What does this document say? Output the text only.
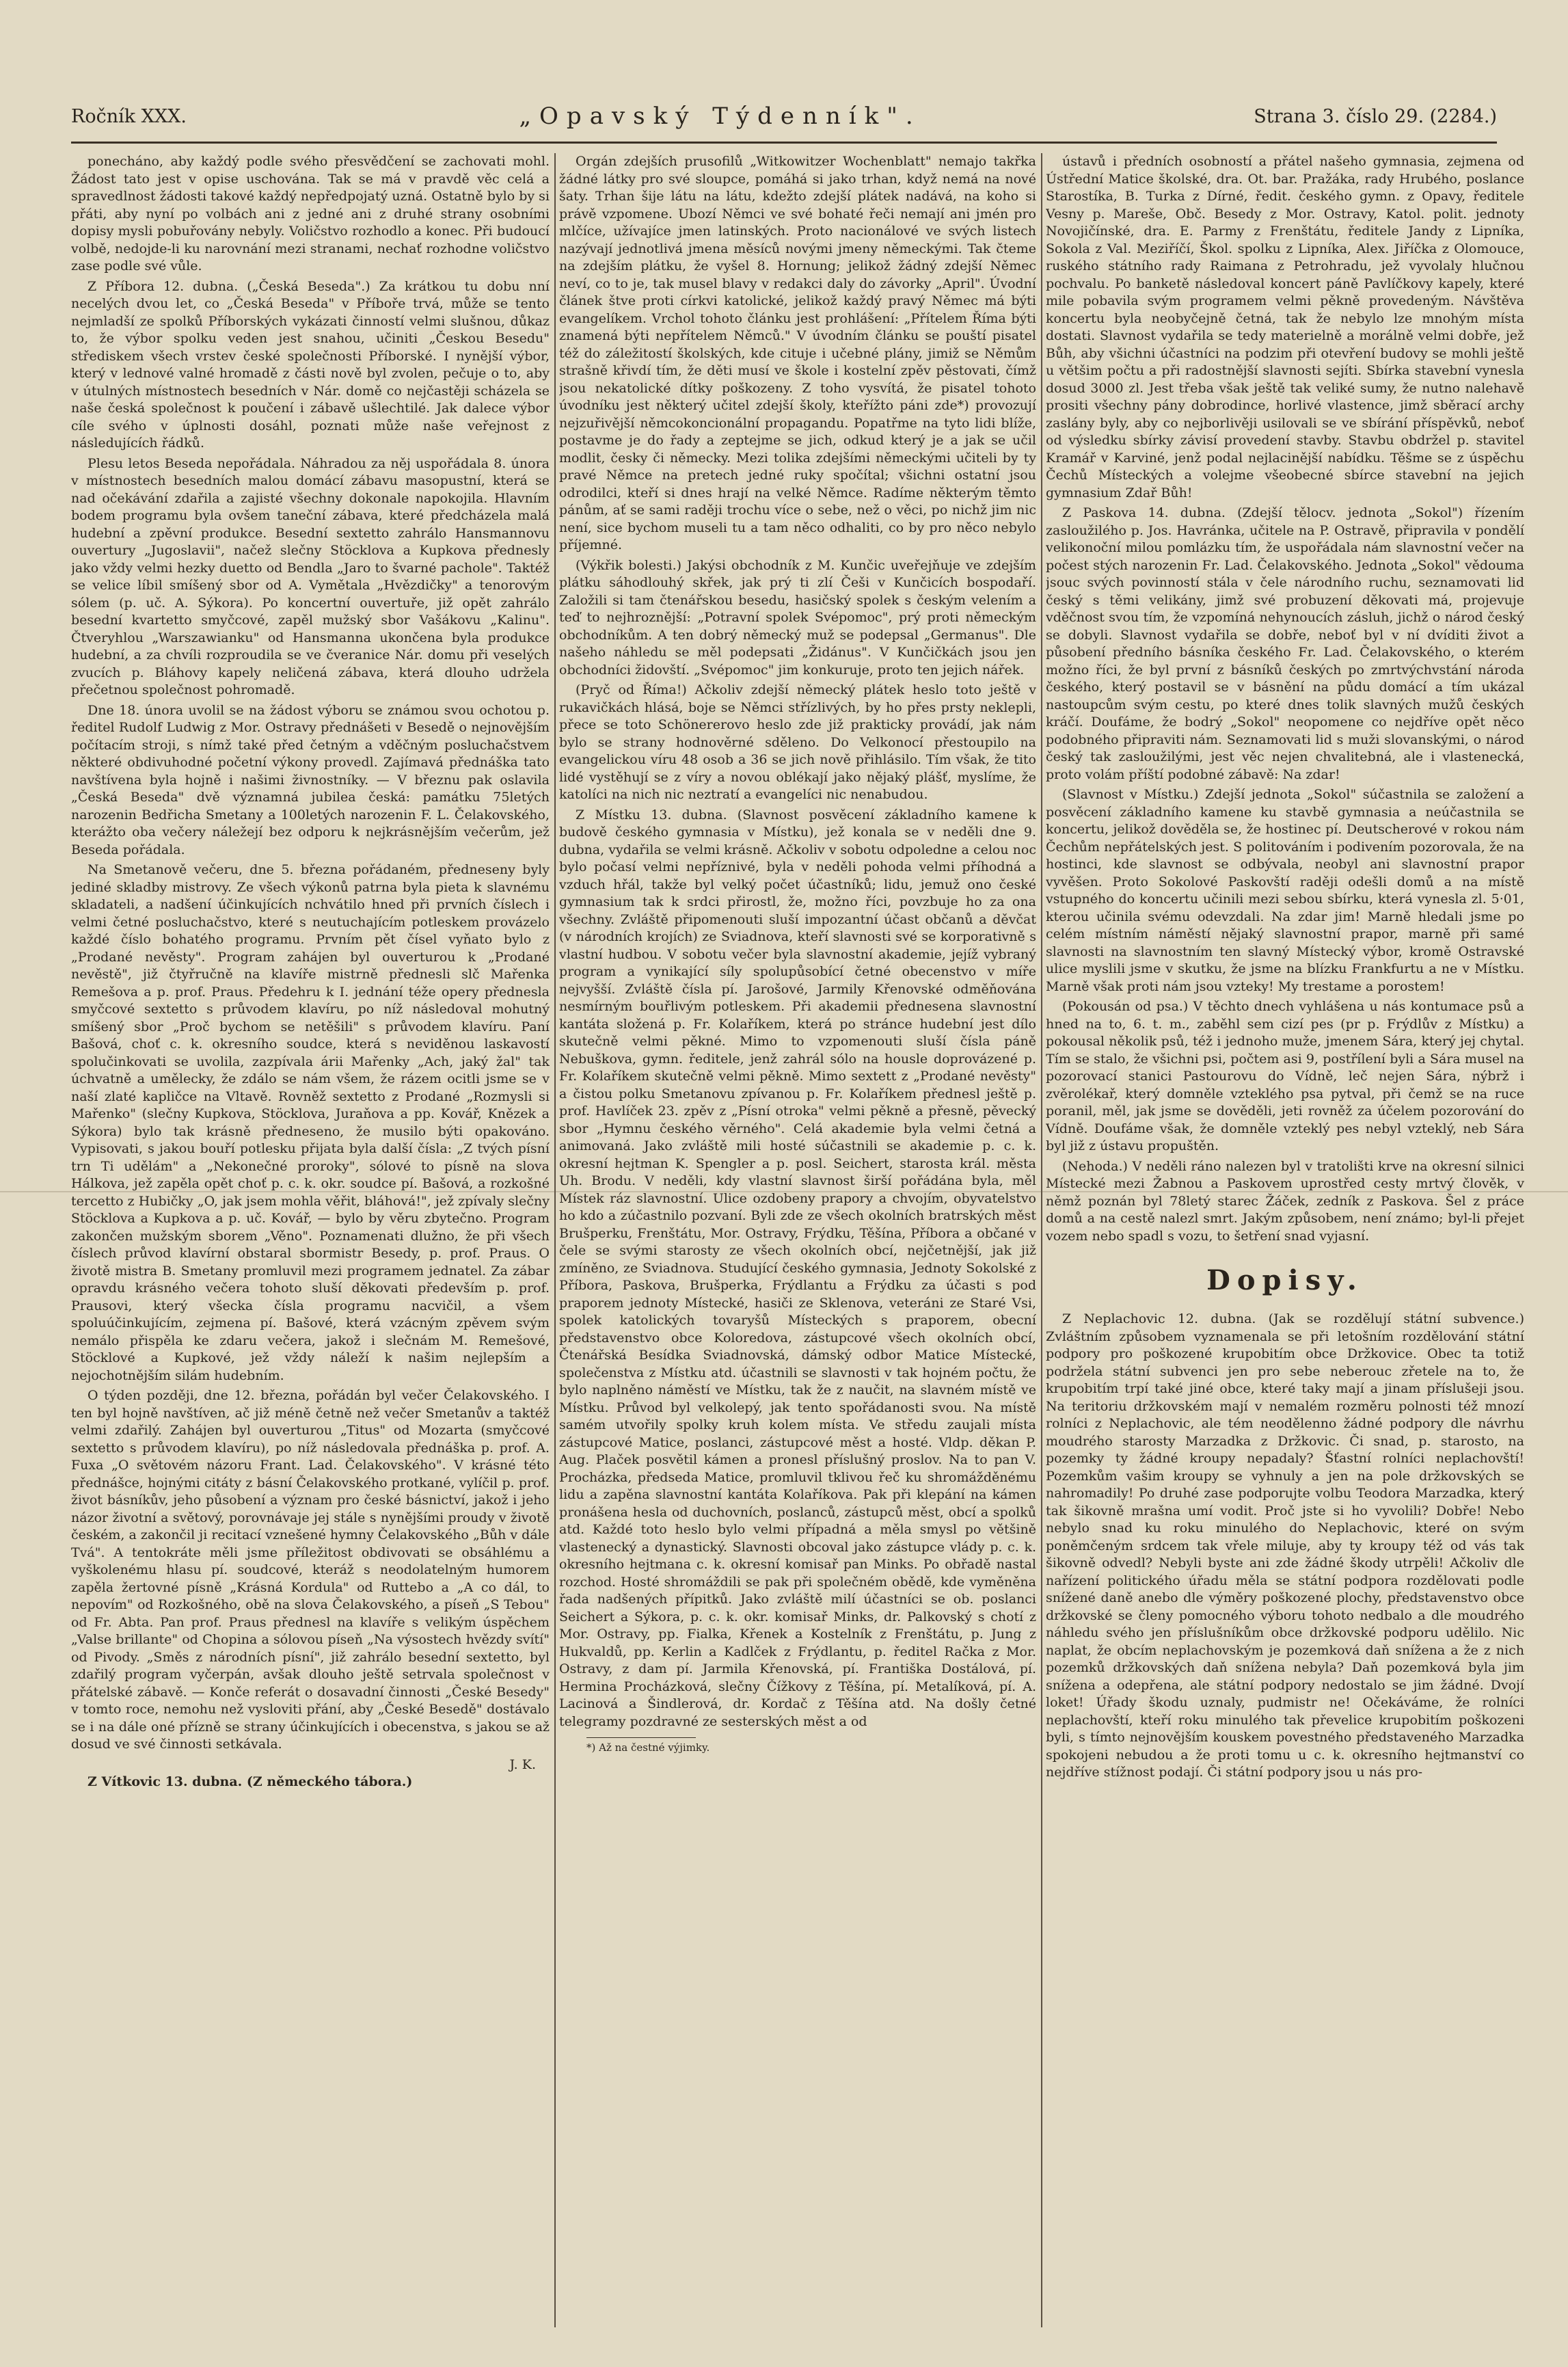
Ročník XXX.	„Opavský Týdenník".	Strana 3. číslo 29. (2284.)

ponecháno, aby každý podle svého přesvědčení se zachovati mohl. Žádost tato jest v opise uschována. Tak se má v pravdě věc celá a spravedlnost žádosti takové každý nepředpojatý uzná. Ostatně bylo by si přáti, aby nyní po volbách ani z jedné ani z druhé strany osobními dopisy mysli pobuřovány nebyly. Voličstvo rozhodlo a konec. Při budoucí volbě, nedojde-li ku narovnání mezi stranami, nechať rozhodne voličstvo zase podle své vůle.

Z Příbora 12. dubna. („Česká Beseda".) Za krátkou tu dobu nní necelých dvou let, co „Česká Beseda" v Příboře trvá, může se tento nejmladší ze spolků Příborských vykázati činností velmi slušnou, důkaz to, že výbor spolku veden jest snahou, učiniti „Českou Besedu" střediskem všech vrstev české společnosti Příborské. I nynější výbor, který v lednové valné hromadě z části nově byl zvolen, pečuje o to, aby v útulných místnostech besedních v Nár. domě co nejčastěji scházela se naše česká společnost k poučení i zábavě ušlechtilé. Jak dalece výbor cíle svého v úplnosti dosáhl, poznati může naše veřejnost z následujících řádků.

Plesu letos Beseda nepořádala. Náhradou za něj uspořádala 8. února v místnostech besedních malou domácí zábavu masopustní, která se nad očekávání zdařila a zajisté všechny dokonale napokojila. Hlavním bodem programu byla ovšem taneční zábava, které předcházela malá hudební a zpěvní produkce. Besední sextetto zahrálo Hansmannovu ouvertury „Jugoslavii", načež slečny Stöcklova a Kupkova přednesly jako vždy velmi hezky duetto od Bendla „Jaro to švarné pachole". Taktéž se velice líbil smíšený sbor od A. Vymětala „Hvězdičky" a tenorovým sólem (p. uč. A. Sýkora). Po koncertní ouvertuře, již opět zahrálo besední kvartetto smyčcové, zapěl mužský sbor Vašákovu „Kalinu". Čtveryhlou „Warszawianku" od Hansmanna ukončena byla produkce hudební, a za chvíli rozproudila se ve čveranice Nár. domu při veselých zvucích p. Bláhovy kapely neličená zábava, která dlouho udržela přečetnou společnost pohromadě.

Dne 18. února uvolil se na žádost výboru se známou svou ochotou p. ředitel Rudolf Ludwig z Mor. Ostravy přednášeti v Besedě o nejnovějším počítacím stroji, s nímž také před četným a vděčným posluchačstvem některé obdivuhodné početní výkony provedl. Zajímavá přednáška tato navštívena byla hojně i našimi živnostníky. — V březnu pak oslavila „Česká Beseda" dvě významná jubilea česká: památku 75letých narozenin Bedřicha Smetany a 100letých narozenin F. L. Čelakovského, kterážto oba večery náležejí bez odporu k nejkrásnějším večerům, jež Beseda pořádala.

Na Smetanově večeru, dne 5. března pořádaném, předneseny byly jediné skladby mistrovy. Ze všech výkonů patrna byla pieta k slavnému skladateli, a nadšení účinkujících nchvátilo hned při prvních číslech i velmi četné posluchačstvo, které s neutuchajícím potleskem provázelo každé číslo bohatého programu. Prvním pět čísel vyňato bylo z „Prodané nevěsty". Program zahájen byl ouverturou k „Prodané nevěstě", již čtyřručně na klavíře mistrně přednesli slč Mařenka Remešova a p. prof. Praus. Předehru k I. jednání téže opery přednesla smyčcové sextetto s průvodem klavíru, po níž následoval mohutný smíšený sbor „Proč bychom se netěšili" s průvodem klavíru. Paní Bašová, choť c. k. okresního soudce, která s neviděnou laskavostí spolučinkovati se uvolila, zazpívala árii Mařenky „Ach, jaký žal" tak úchvatně a umělecky, že zdálo se nám všem, že rázem ocitli jsme se v naší zlaté kapličce na Vltavě. Rovněž sextetto z Prodané „Rozmysli si Mařenko" (slečny Kupkova, Stöcklova, Juraňova a pp. Kovář, Knězek a Sýkora) bylo tak krásně předneseno, že musilo býti opakováno. Vypisovati, s jakou bouří potlesku přijata byla další čísla: „Z tvých písní trn Ti udělám" a „Nekonečné proroky", sólové to písně na slova Hálkova, jež zapěla opět choť p. c. k. okr. soudce pí. Bašová, a rozkošné tercetto z Hubičky „O, jak jsem mohla věřit, bláhová!", jež zpívaly slečny Stöcklova a Kupkova a p. uč. Kovář, — bylo by věru zbytečno. Program zakončen mužským sborem „Věno". Poznamenati dlužno, že při všech číslech průvod klavírní obstaral sbormistr Besedy, p. prof. Praus. O životě mistra B. Smetany promluvil mezi programem jednatel. Za zábar opravdu krásného večera tohoto sluší děkovati především p. prof. Prausovi, který všecka čísla programu nacvičil, a všem spoluúčinkujícím, zejmena pí. Bašové, která vzácným zpěvem svým nemálo přispěla ke zdaru večera, jakož i slečnám M. Remešové, Stöcklové a Kupkové, jež vždy náleží k našim nejlepším a nejochotnějším silám hudebním.

O týden později, dne 12. března, pořádán byl večer Čelakovského. I ten byl hojně navštíven, ač již méně četně než večer Smetanův a taktéž velmi zdařilý. Zahájen byl ouverturou „Titus" od Mozarta (smyčcové sextetto s průvodem klavíru), po níž následovala přednáška p. prof. A. Fuxa „O světovém názoru Frant. Lad. Čelakovského". V krásné této přednášce, hojnými citáty z básní Čelakovského protkané, vylíčil p. prof. život básníkův, jeho působení a význam pro české básnictví, jakož i jeho názor životní a světový, porovnávaje jej stále s nynějšími proudy v životě českém, a zakončil ji recitací vznešené hymny Čelakovského „Bůh v dále Tvá". A tentokráte měli jsme příležitost obdivovati se obsáhlému a vyškolenému hlasu pí. soudcové, kteráž s neodolatelným humorem zapěla žertovné písně „Krásná Kordula" od Ruttebo a „A co dál, to nepovím" od Rozkošného, obě na slova Čelakovského, a píseň „S Tebou" od Fr. Abta. Pan prof. Praus přednesl na klavíře s velikým úspěchem „Valse brillante" od Chopina a sólovou píseň „Na výsostech hvězdy svítí" od Pivody. „Směs z národních písní", již zahrálo besední sextetto, byl zdařilý program vyčerpán, avšak dlouho ještě setrvala společnost v přátelské zábavě. — Konče referát o dosavadní činnosti „České Besedy" v tomto roce, nemohu než vysloviti přání, aby „České Besedě" dostávalo se i na dále oné přízně se strany účinkujících i obecenstva, s jakou se až dosud ve své činnosti setkávala.

J. K.

Z Vítkovic 13. dubna. (Z německého tábora.)

Orgán zdejších prusofilů „Witkowitzer Wochenblatt" nemajo takřka žádné látky pro své sloupce, pomáhá si jako trhan, když nemá na nové šaty. Trhan šije látu na látu, kdežto zdejší plátek nadává, na koho si právě vzpomene. Ubozí Němci ve své bohaté řeči nemají ani jmén pro mlčíce, užívajíce jmen latinských. Proto nacionálové ve svých listech nazývají jednotlivá jmena měsíců novými jmeny německými. Tak čteme na zdejším plátku, že vyšel 8. Hornung; jelikož žádný zdejší Němec neví, co to je, tak musel blavy v redakci daly do závorky „April". Úvodní článek štve proti církvi katolické, jelikož každý pravý Němec má býti evangelíkem. Vrchol tohoto článku jest prohlášení: „Přítelem Říma býti znamená býti nepřítelem Němců." V úvodním článku se pouští pisatel též do záležitostí školských, kde cituje i učebné plány, jimiž se Němům strašně křivdí tím, že děti musí ve škole i kostelní zpěv pěstovati, čímž jsou nekatolické dítky poškozeny. Z toho vysvítá, že pisatel tohoto úvodníku jest některý učitel zdejší školy, kteřížto páni zde*) provozují nejzuřivější němcokoncionální propagandu. Popatřme na tyto lidi blíže, postavme je do řady a zeptejme se jich, odkud který je a jak se učil modlit, česky či německy. Mezi tolika zdejšími německými učiteli by ty pravé Němce na pretech jedné ruky spočítal; všichni ostatní jsou odrodilci, kteří si dnes hrají na velké Němce. Radíme některým těmto pánům, ať se sami raději trochu více o sebe, než o věci, po nichž jim nic není, sice bychom museli tu a tam něco odhaliti, co by pro něco nebylo příjemné.

(Výkřik bolesti.) Jakýsi obchodník z M. Kunčic uveřejňuje ve zdejším plátku sáhodlouhý skřek, jak prý ti zlí Češi v Kunčicích bospodaří. Založili si tam čtenářskou besedu, hasičský spolek s českým velením a teď to nejhroznější: „Potravní spolek Svépomoc", prý proti německým obchodníkům. A ten dobrý německý muž se podepsal „Germanus". Dle našeho náhledu se měl podepsati „Židánus". V Kunčičkách jsou jen obchodníci židovští. „Svépomoc" jim konkuruje, proto ten jejich nářek.

(Pryč od Říma!) Ačkoliv zdejší německý plátek heslo toto ještě v rukavičkách hlásá, boje se Němci střízlivých, by ho přes prsty neklepli, přece se toto Schönererovo heslo zde již prakticky provádí, jak nám bylo se strany hodnověrné sděleno. Do Velkonocí přestoupilo na evangelickou víru 48 osob a 36 se jich nově přihlásilo. Tím však, že tito lidé vystěhují se z víry a novou oblékají jako nějaký plášť, myslíme, že katolíci na nich nic neztratí a evangelíci nic nenabudou.

Z Místku 13. dubna. (Slavnost posvěcení základního kamene k budově českého gymnasia v Místku), jež konala se v neděli dne 9. dubna, vydařila se velmi krásně. Ačkoliv v sobotu odpoledne a celou noc bylo počasí velmi nepříznivé, byla v neděli pohoda velmi příhodná a vzduch hřál, takže byl velký počet účastníků; lidu, jemuž ono české gymnasium tak k srdci přirostl, že, možno říci, povzbuje ho za ona všechny. Zvláště připomenouti sluší impozantní účast občanů a děvčat (v národních krojích) ze Sviadnova, kteří slavnosti své se korporativně s vlastní hudbou. V sobotu večer byla slavnostní akademie, jejíž vybraný program a vynikající síly spolupůsobící četné obecenstvo v míře nejvyšší. Zvláště čísla pí. Jarošové, Jarmily Křenovské odměňována nesmírným bouřlivým potleskem. Při akademii přednesena slavnostní kantáta složená p. Fr. Kolaříkem, která po stránce hudební jest dílo skutečně velmi pěkné. Mimo to vzpomenouti sluší čísla páně Nebuškova, gymn. ředitele, jenž zahrál sólo na housle doprovázené p. Fr. Kolaříkem skutečně velmi pěkně. Mimo sextett z „Prodané nevěsty" a čistou polku Smetanovu zpívanou p. Fr. Kolaříkem přednesl ještě p. prof. Havlíček 23. zpěv z „Písní otroka" velmi pěkně a přesně, pěvecký sbor „Hymnu českého věrného". Celá akademie byla velmi četná a animovaná. Jako zvláště mili hosté súčastnili se akademie p. c. k. okresní hejtman K. Spengler a p. posl. Seichert, starosta král. města Uh. Brodu. V neděli, kdy vlastní slavnost širší pořádána byla, měl Místek ráz slavnostní. Ulice ozdobeny prapory a chvojím, obyvatelstvo ho kdo a zúčastnilo pozvaní. Byli zde ze všech okolních bratrských měst Brušperku, Frenštátu, Mor. Ostravy, Frýdku, Těšína, Příbora a občané v čele se svými starosty ze všech okolních obcí, nejčetnější, jak již zmíněno, ze Sviadnova. Studující českého gymnasia, Jednoty Sokolské z Příbora, Paskova, Brušperka, Frýdlantu a Frýdku za účasti s pod praporem jednoty Místecké, hasiči ze Sklenova, veteráni ze Staré Vsi, spolek katolických tovaryšů Místeckých s praporem, obecní představenstvo obce Koloredova, zástupcové všech okolních obcí, Čtenářská Besídka Sviadnovská, dámský odbor Matice Místecké, společenstva z Místku atd. účastnili se slavnosti v tak hojném počtu, že bylo naplněno náměstí ve Místku, tak že z naučit, na slavném místě ve Místku. Průvod byl velkolepý, jak tento spořádanosti svou. Na místě samém utvořily spolky kruh kolem místa. Ve středu zaujali místa zástupcové Matice, poslanci, zástupcové měst a hosté. Vldp. děkan P. Aug. Plaček posvětil kámen a pronesl příslušný proslov. Na to pan V. Procházka, předseda Matice, promluvil tklivou řeč ku shromážděnému lidu a zapěna slavnostní kantáta Kolaříkova. Pak při klepání na kámen pronášena hesla od duchovních, poslanců, zástupců měst, obcí a spolků atd. Každé toto heslo bylo velmi případná a měla smysl po většině vlastenecký a dynastický. Slavnosti obcoval jako zástupce vlády p. c. k. okresního hejtmana c. k. okresní komisař pan Minks. Po obřadě nastal rozchod. Hosté shromáždili se pak při společném obědě, kde vyměněna řada nadšených přípitků. Jako zvláště milí účastníci se ob. poslanci Seichert a Sýkora, p. c. k. okr. komisař Minks, dr. Palkovský s chotí z Mor. Ostravy, pp. Fialka, Křenek a Kostelník z Frenštátu, p. Jung z Hukvaldů, pp. Kerlin a Kadlček z Frýdlantu, p. ředitel Račka z Mor. Ostravy, z dam pí. Jarmila Křenovská, pí. Františka Dostálová, pí. Hermina Procházková, slečny Čížkovy z Těšína, pí. Metalíková, pí. A. Lacinová a Šindlerová, dr. Kordač z Těšína atd. Na došly četné telegramy pozdravné ze sesterských měst a od

*) Až na čestné výjimky.

ústavů i předních osobností a přátel našeho gymnasia, zejmena od Ústřední Matice školské, dra. Ot. bar. Pražáka, rady Hrubého, poslance Starostíka, B. Turka z Dírné, ředit. českého gymn. z Opavy, ředitele Vesny p. Mareše, Obč. Besedy z Mor. Ostravy, Katol. polit. jednoty Novojičínské, dra. E. Parmy z Frenštátu, ředitele Jandy z Lipníka, Sokola z Val. Meziříčí, Škol. spolku z Lipníka, Alex. Jiříčka z Olomouce, ruského státního rady Raimana z Petrohradu, jež vyvolaly hlučnou pochvalu. Po banketě následoval koncert páně Pavlíčkovy kapely, které mile pobavila svým programem velmi pěkně provedeným. Návštěva koncertu byla neobyčejně četná, tak že nebylo lze mnohým místa dostati. Slavnost vydařila se tedy materielně a morálně velmi dobře, jež Bůh, aby všichni účastníci na podzim při otevření budovy se mohli ještě u většim počtu a při radostnější slavnosti sejíti. Sbírka stavební vynesla dosud 3000 zl. Jest třeba však ještě tak veliké sumy, že nutno nalehavě prositi všechny pány dobrodince, horlivé vlastence, jimž sběrací archy zaslány byly, aby co nejborlivěji usilovali se ve sbírání příspěvků, neboť od výsledku sbírky závisí provedení stavby. Stavbu obdržel p. stavitel Kramář v Karviné, jenž podal nejlacinější nabídku. Těšme se z úspěchu Čechů Místeckých a volejme všeobecné sbírce stavební na jejich gymnasium Zdař Bůh!

Z Paskova 14. dubna. (Zdejší tělocv. jednota „Sokol") řízením zasloužilého p. Jos. Havránka, učitele na P. Ostravě, připravila v pondělí velikonoční milou pomlázku tím, že uspořádala nám slavnostní večer na počest stých narozenin Fr. Lad. Čelakovského. Jednota „Sokol" vědouma jsouc svých povinností stála v čele národního ruchu, seznamovati lid český s těmi velikány, jimž své probuzení děkovati má, projevuje vděčnost svou tím, že vzpomíná nehynoucích zásluh, jichž o národ český se dobyli. Slavnost vydařila se dobře, neboť byl v ní dvíditi život a působení předního básníka českého Fr. Lad. Čelakovského, o kterém možno říci, že byl první z básníků českých po zmrtvýchvstání národa českého, který postavil se v básnění na půdu domácí a tím ukázal nastoupcům svým cestu, po které dnes tolik slavných mužů českých kráčí. Doufáme, že bodrý „Sokol" neopomene co nejdříve opět něco podobného připraviti nám. Seznamovati lid s muži slovanskými, o národ český tak zasloužilými, jest věc nejen chvalitebná, ale i vlastenecká, proto volám příští podobné zábavě: Na zdar!

(Slavnost v Místku.) Zdejší jednota „Sokol" súčastnila se založení a posvěcení základního kamene ku stavbě gymnasia a neúčastnila se koncertu, jelikož dověděla se, že hostinec pí. Deutscherové v rokou nám Čechům nepřátelských jest. S politováním i podivením pozorovala, že na hostinci, kde slavnost se odbývala, neobyl ani slavnostní prapor vyvěšen. Proto Sokolové Paskovští raději odešli domů a na místě vstupného do koncertu učinili mezi sebou sbírku, která vynesla zl. 5·01, kterou učinila svému odevzdali. Na zdar jim! Marně hledali jsme po celém místním náměstí nějaký slavnostní prapor, marně při samé slavnosti na slavnostním ten slavný Místecký výbor, kromě Ostravské ulice myslili jsme v skutku, že jsme na blízku Frankfurtu a ne v Místku. Marně však proti nám jsou vzteky! My trestame a porostem!

(Pokousán od psa.) V těchto dnech vyhlášena u nás kontumace psů a hned na to, 6. t. m., zaběhl sem cizí pes (pr p. Frýdlův z Místku) a pokousal několik psů, též i jednoho muže, jmenem Sára, který jej chytal. Tím se stalo, že všichni psi, počtem asi 9, postřílení byli a Sára musel na pozorovací stanici Pastourovu do Vídně, leč nejen Sára, nýbrž i zvěrolékař, který domněle vzteklého psa pytval, při čemž se na ruce poranil, měl, jak jsme se dověděli, jeti rovněž za účelem pozorování do Vídně. Doufáme však, že domněle vzteklý pes nebyl vzteklý, neb Sára byl již z ústavu propuštěn.

(Nehoda.) V neděli ráno nalezen byl v tratolišti krve na okresní silnici Místecké mezi Žabnou a Paskovem uprostřed cesty mrtvý člověk, v němž poznán byl 78letý starec Žáček, zedník z Paskova. Šel z práce domů a na cestě nalezl smrt. Jakým způsobem, není známo; byl-li přejet vozem nebo spadl s vozu, to šetření snad vyjasní.

Dopisy.

Z Neplachovic 12. dubna. (Jak se rozdělují státní subvence.) Zvláštním způsobem vyznamenala se při letošním rozdělování státní podpory pro poškozené krupobitím obce Držkovice. Obec ta totiž podržela státní subvenci jen pro sebe neberouc zřetele na to, že krupobitím trpí také jiné obce, které taky mají a jinam příslušeji jsou. Na teritoriu držkovském mají v nemalém rozměru polnosti též mnozí rolníci z Neplachovic, ale tém neodělenno žádné podpory dle návrhu moudrého starosty Marzadka z Držkovic. Či snad, p. starosto, na pozemky ty žádné kroupy nepadaly? Šťastní rolníci neplachovští! Pozemkům vašim kroupy se vyhnuly a jen na pole držkovských se nahromadily! Po druhé zase podporujte volbu Teodora Marzadka, který tak šikovně mrašna umí vodit. Proč jste si ho vyvolili? Dobře! Nebo nebylo snad ku roku minulého do Neplachovic, které on svým poněmčeným srdcem tak vřele miluje, aby ty kroupy též od vás tak šikovně odvedl? Nebyli byste ani zde žádné škody utrpěli! Ačkoliv dle nařízení politického úřadu měla se státní podpora rozdělovati podle snížené daně anebo dle výměry poškozené plochy, představenstvo obce držkovské se členy pomocného výboru tohoto nedbalo a dle moudrého náhledu svého jen příslušníkům obce držkovské podporu udělilo. Nic naplat, že obcím neplachovským je pozemková daň snížena a že z nich pozemků držkovských daň snížena nebyla? Daň pozemková byla jim snížena a odepřena, ale státní podpory nedostalo se jim žádné. Dvojí loket! Úřady škodu uznaly, pudmistr ne! Očekáváme, že rolníci neplachovští, kteří roku minulého tak převelice krupobitím poškozeni byli, s tímto nejnovějším kouskem povestného představeného Marzadka spokojeni nebudou a že proti tomu u c. k. okresního hejtmanství co nejdříve stížnost podají. Či státní podpory jsou u nás pro-
